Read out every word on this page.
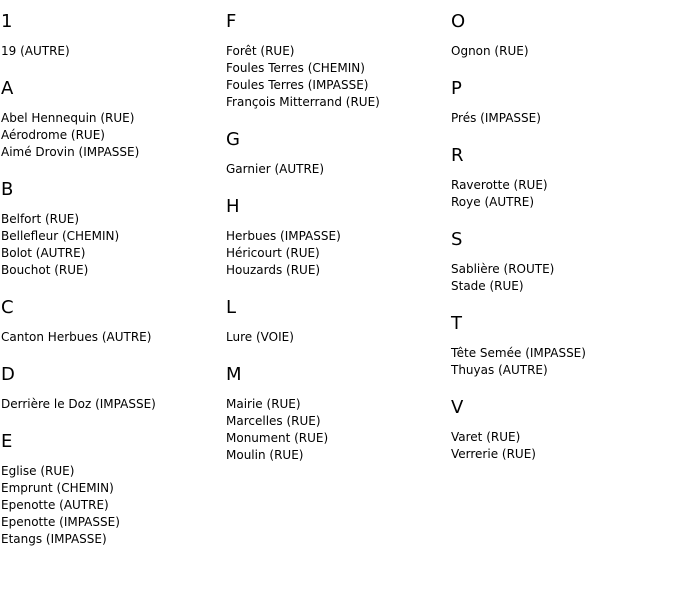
1
19 (AUTRE)
A
Abel Hennequin (RUE)
Aérodrome (RUE)
Aimé Drovin (IMPASSE)
B
Belfort (RUE)
Bellefleur (CHEMIN)
Bolot (AUTRE)
Bouchot (RUE)
C
Canton Herbues (AUTRE)
D
Derrière le Doz (IMPASSE)
E
Eglise (RUE)
Emprunt (CHEMIN)
Epenotte (AUTRE)
Epenotte (IMPASSE)
Etangs (IMPASSE)
F
Forêt (RUE)
Foules Terres (CHEMIN)
Foules Terres (IMPASSE)
François Mitterrand (RUE)
G
Garnier (AUTRE)
H
Herbues (IMPASSE)
Héricourt (RUE)
Houzards (RUE)
L
Lure (VOIE)
M
Mairie (RUE)
Marcelles (RUE)
Monument (RUE)
Moulin (RUE)
O
Ognon (RUE)
P
Prés (IMPASSE)
R
Raverotte (RUE)
Roye (AUTRE)
S
Sablière (ROUTE)
Stade (RUE)
T
Tête Semée (IMPASSE)
Thuyas (AUTRE)
V
Varet (RUE)
Verrerie (RUE)
